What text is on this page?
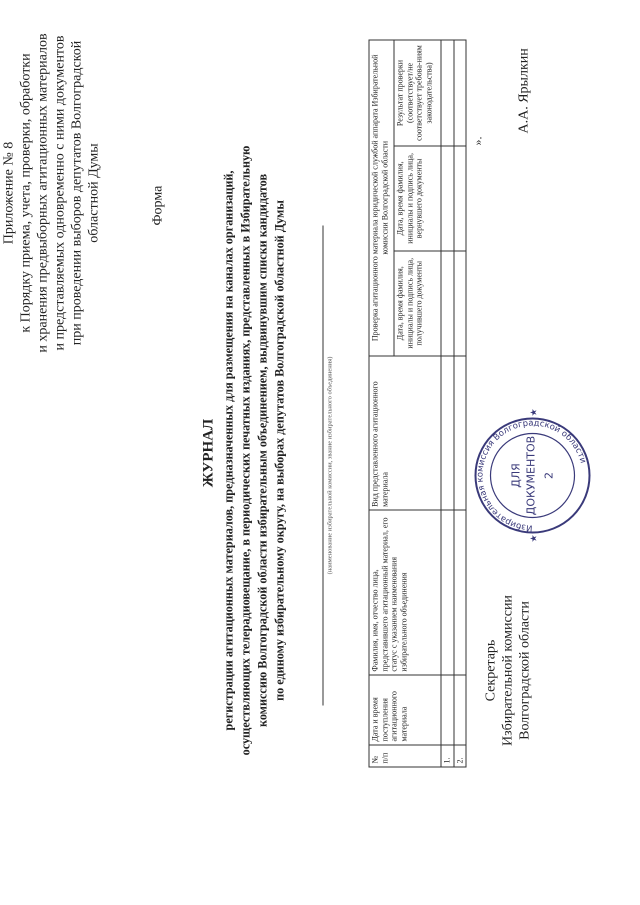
Приложение № 8 к Порядку приема, учета, проверки, обработки и хранения предвыборных агитационных материалов и представляемых одновременно с ними документов при проведении выборов депутатов Волгоградской областной Думы	Форма
ЖУРНАЛ регистрации агитационных материалов, предназначенных для размещения на каналах организаций, осуществляющих телерадиовещание, в периодических печатных изданиях, представленных в Избирательную комиссию Волгоградской области избирательным объединением, выдвинувшим списки кандидатов по единому избирательному округу, на выборах депутатов Волгоградской областной Думы	(наименование избирательной комиссии, звание избирательного объединения)
№ п/п	Дата и время поступления агитационного материала	Фамилия, имя, отчество лица, представившего агитационный материал, его статус с указанием наименования избирательного объединения	Вид представленного агитационного материала	Проверка агитационного материала юридической службой аппарата Избирательной комиссии Волгоградской области		
				Дата, время фамилия, инициалы и подпись лица, получившего документы	Дата, время фамилия, инициалы и подпись лица, вернувшего документы	Результат проверки (соответствует/не соответствует требова-ниям законодательства)
1.						
2.						
Секретарь Избирательной комиссии Волгоградской области
Избирательная комиссия Волгоградской области
ДЛЯ ДОКУМЕНТОВ 2
★
★
».
А.А. Ярылкин
